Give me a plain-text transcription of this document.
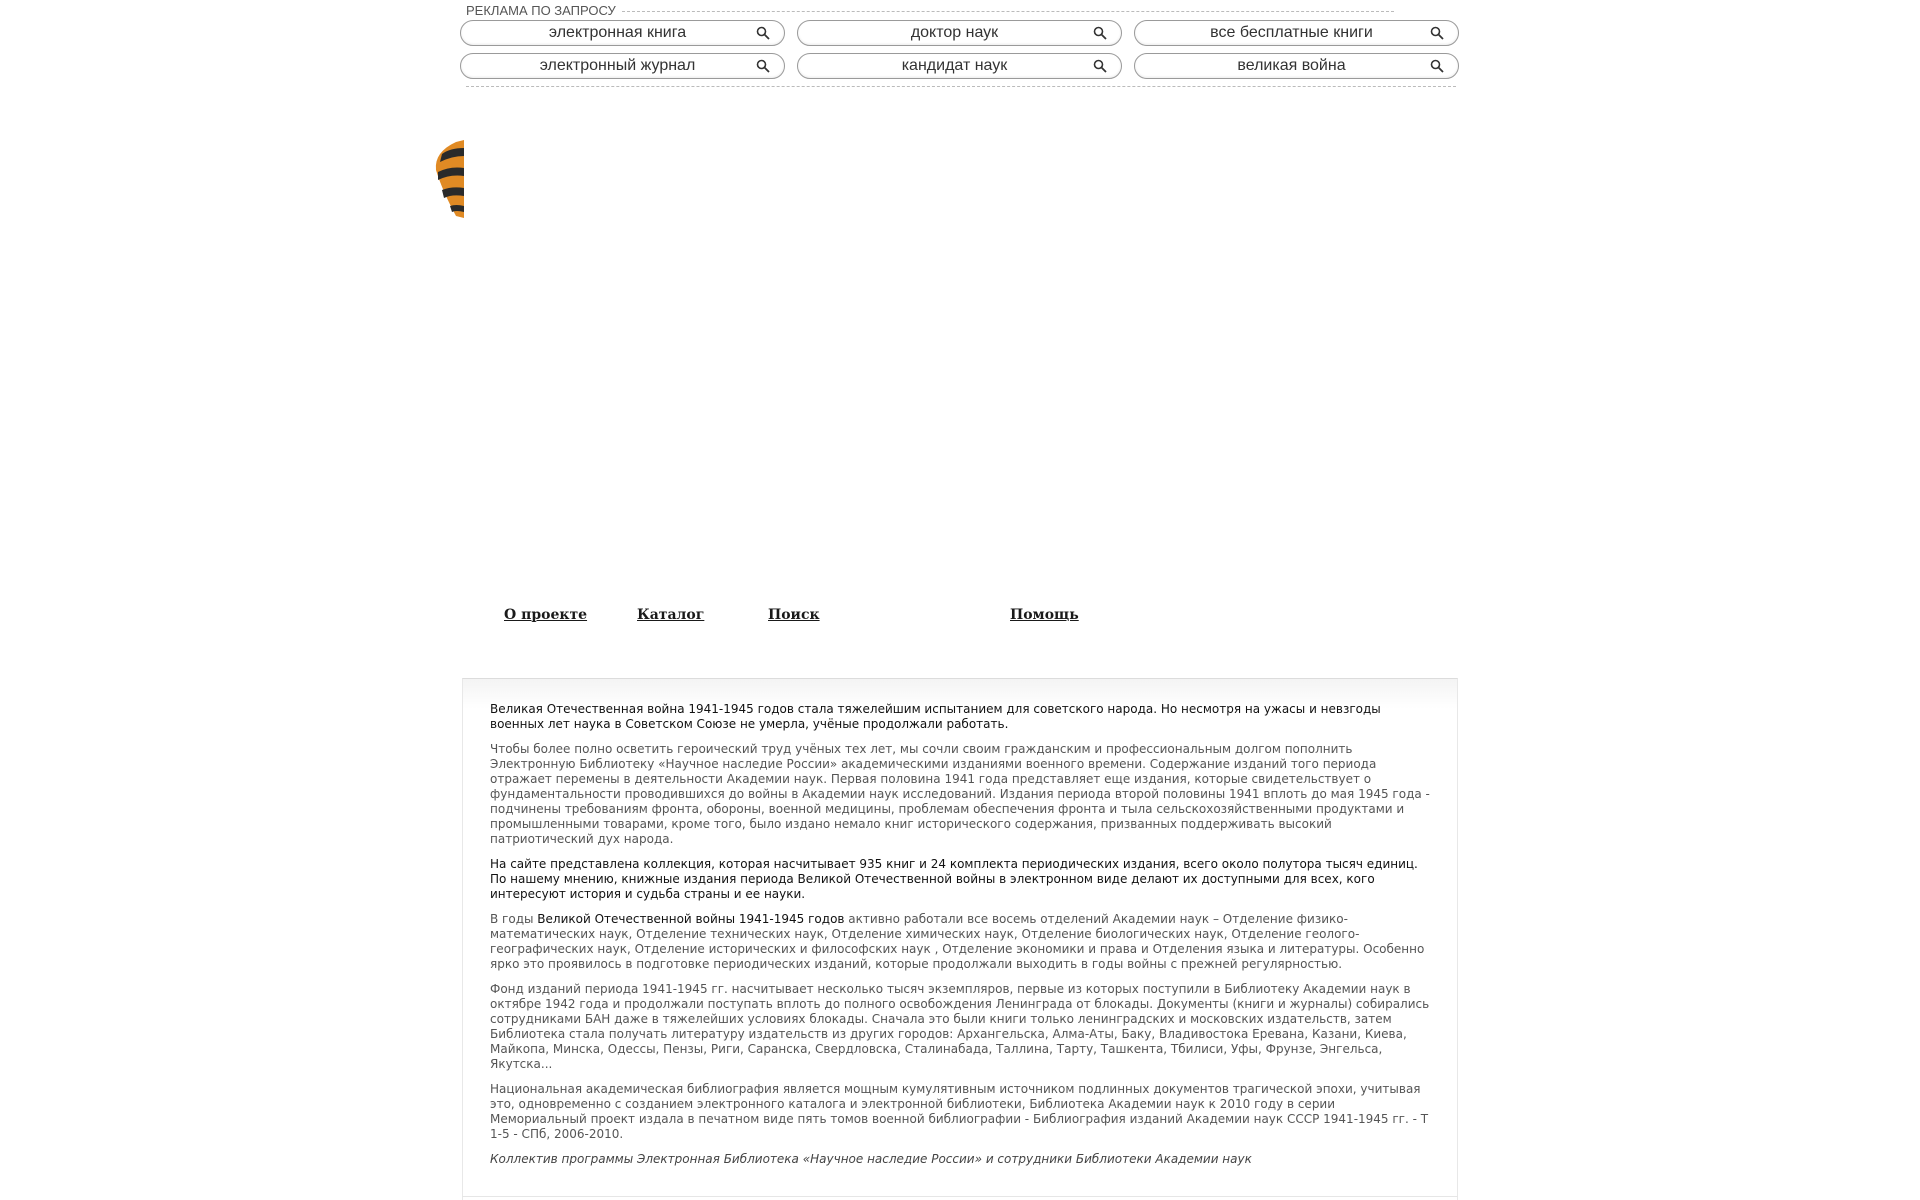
РЕКЛАМА ПО ЗАПРОСУ
электронная книга	доктор наук	все бесплатные книги
электронный журнал	кандидат наук	великая война
О проекте	Каталог	Поиск	Помощь

Великая Отечественная война 1941-1945 годов стала тяжелейшим испытанием для советского народа. Но несмотря на ужасы и невзгоды военных лет наука в Советском Союзе не умерла, учёные продолжали работать.

Чтобы более полно осветить героический труд учёных тех лет, мы сочли своим гражданским и профессиональным долгом пополнить Электронную Библиотеку «Научное наследие России» академическими изданиями военного времени. Содержание изданий того периода отражает перемены в деятельности Академии наук. Первая половина 1941 года представляет еще издания, которые свидетельствует о фундаментальности проводившихся до войны в Академии наук исследований. Издания периода второй половины 1941 вплоть до мая 1945 года - подчинены требованиям фронта, обороны, военной медицины, проблемам обеспечения фронта и тыла сельскохозяйственными продуктами и промышленными товарами, кроме того, было издано немало книг исторического содержания, призванных поддерживать высокий патриотический дух народа.

На сайте представлена коллекция, которая насчитывает 935 книг и 24 комплекта периодических издания, всего около полутора тысяч единиц. По нашему мнению, книжные издания периода Великой Отечественной войны в электронном виде делают их доступными для всех, кого интересуют история и судьба страны и ее науки.

В годы Великой Отечественной войны 1941-1945 годов активно работали все восемь отделений Академии наук – Отделение физико-математических наук, Отделение технических наук, Отделение химических наук, Отделение биологических наук, Отделение геолого-географических наук, Отделение исторических и философских наук , Отделение экономики и права и Отделения языка и литературы. Особенно ярко это проявилось в подготовке периодических изданий, которые продолжали выходить в годы войны с прежней регулярностью.

Фонд изданий периода 1941-1945 гг. насчитывает несколько тысяч экземпляров, первые из которых поступили в Библиотеку Академии наук в октябре 1942 года и продолжали поступать вплоть до полного освобождения Ленинграда от блокады. Документы (книги и журналы) собирались сотрудниками БАН даже в тяжелейших условиях блокады. Сначала это были книги только ленинградских и московских издательств, затем Библиотека стала получать литературу издательств из других городов: Архангельска, Алма-Аты, Баку, Владивостока Еревана, Казани, Киева, Майкопа, Минска, Одессы, Пензы, Риги, Саранска, Свердловска, Сталинабада, Таллина, Тарту, Ташкента, Тбилиси, Уфы, Фрунзе, Энгельса, Якутска...

Национальная академическая библиография является мощным кумулятивным источником подлинных документов трагической эпохи, учитывая это, одновременно с созданием электронного каталога и электронной библиотеки, Библиотека Академии наук к 2010 году в серии Мемориальный проект издала в печатном виде пять томов военной библиографии - Библиография изданий Академии наук СССР 1941-1945 гг. - Т 1-5 - СПб, 2006-2010.

Коллектив программы Электронная Библиотека «Научное наследие России» и сотрудники Библиотеки Академии наук
